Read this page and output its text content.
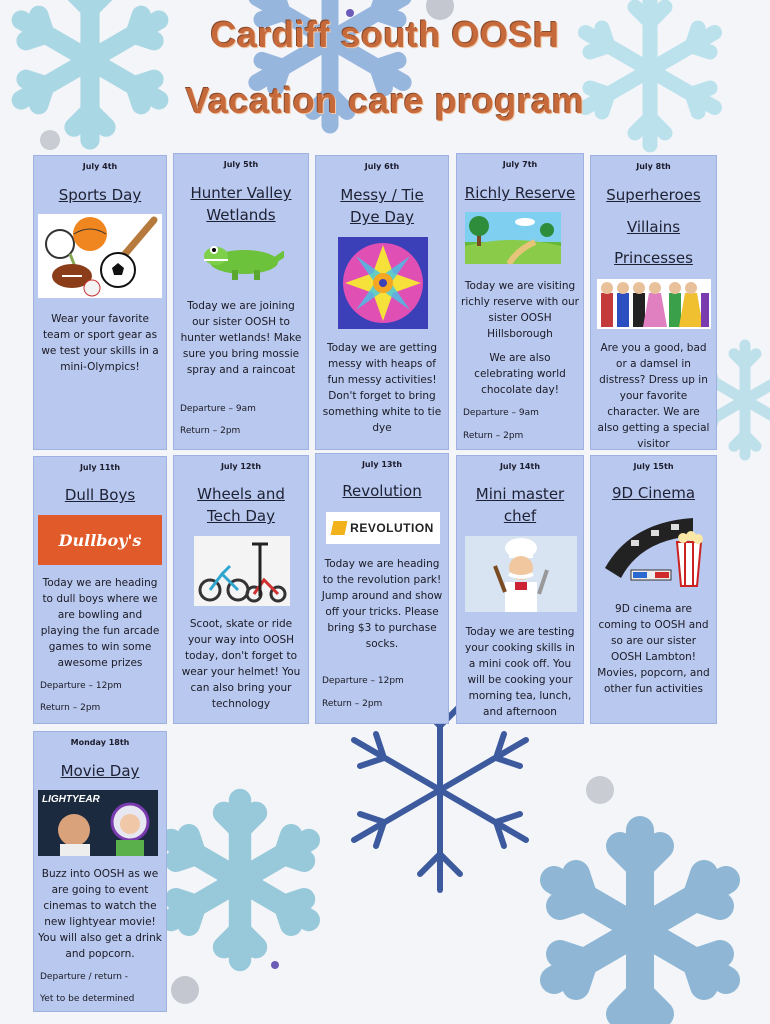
Cardiff south OOSH
Vacation care program
July 4th
Sports Day
Wear your favorite team or sport gear as we test your skills in a mini-Olympics!
July 5th
Hunter Valley Wetlands
Today we are joining our sister OOSH to hunter wetlands! Make sure you bring mossie spray and a raincoat
Departure – 9am
Return – 2pm
July 6th
Messy / Tie Dye Day
Today we are getting messy with heaps of fun messy activities! Don't forget to bring something white to tie dye
July 7th
Richly Reserve
Today we are visiting richly reserve with our sister OOSH Hillsborough
We are also celebrating world chocolate day!
Departure – 9am
Return – 2pm
July 8th
Superheroes
Villains
Princesses
Are you a good, bad or a damsel in distress? Dress up in your favorite character. We are also getting a special visitor
July 11th
Dull Boys
Dullboy's
Today we are heading to dull boys where we are bowling and playing the fun arcade games to win some awesome prizes
Departure – 12pm
Return – 2pm
July 12th
Wheels and Tech Day
Scoot, skate or ride your way into OOSH today, don't forget to wear your helmet! You can also bring your technology
July 13th
Revolution
REVOLUTION
Today we are heading to the revolution park! Jump around and show off your tricks. Please bring $3 to purchase socks.
Departure – 12pm
Return – 2pm
July 14th
Mini master chef
Today we are testing your cooking skills in a mini cook off. You will be cooking your morning tea, lunch, and afternoon
July 15th
9D Cinema
9D cinema are coming to OOSH and so are our sister OOSH Lambton! Movies, popcorn, and other fun activities
Monday 18th
Movie Day
LIGHTYEAR
Buzz into OOSH as we are going to event cinemas to watch the new lightyear movie! You will also get a drink and popcorn.
Departure / return -
Yet to be determined
